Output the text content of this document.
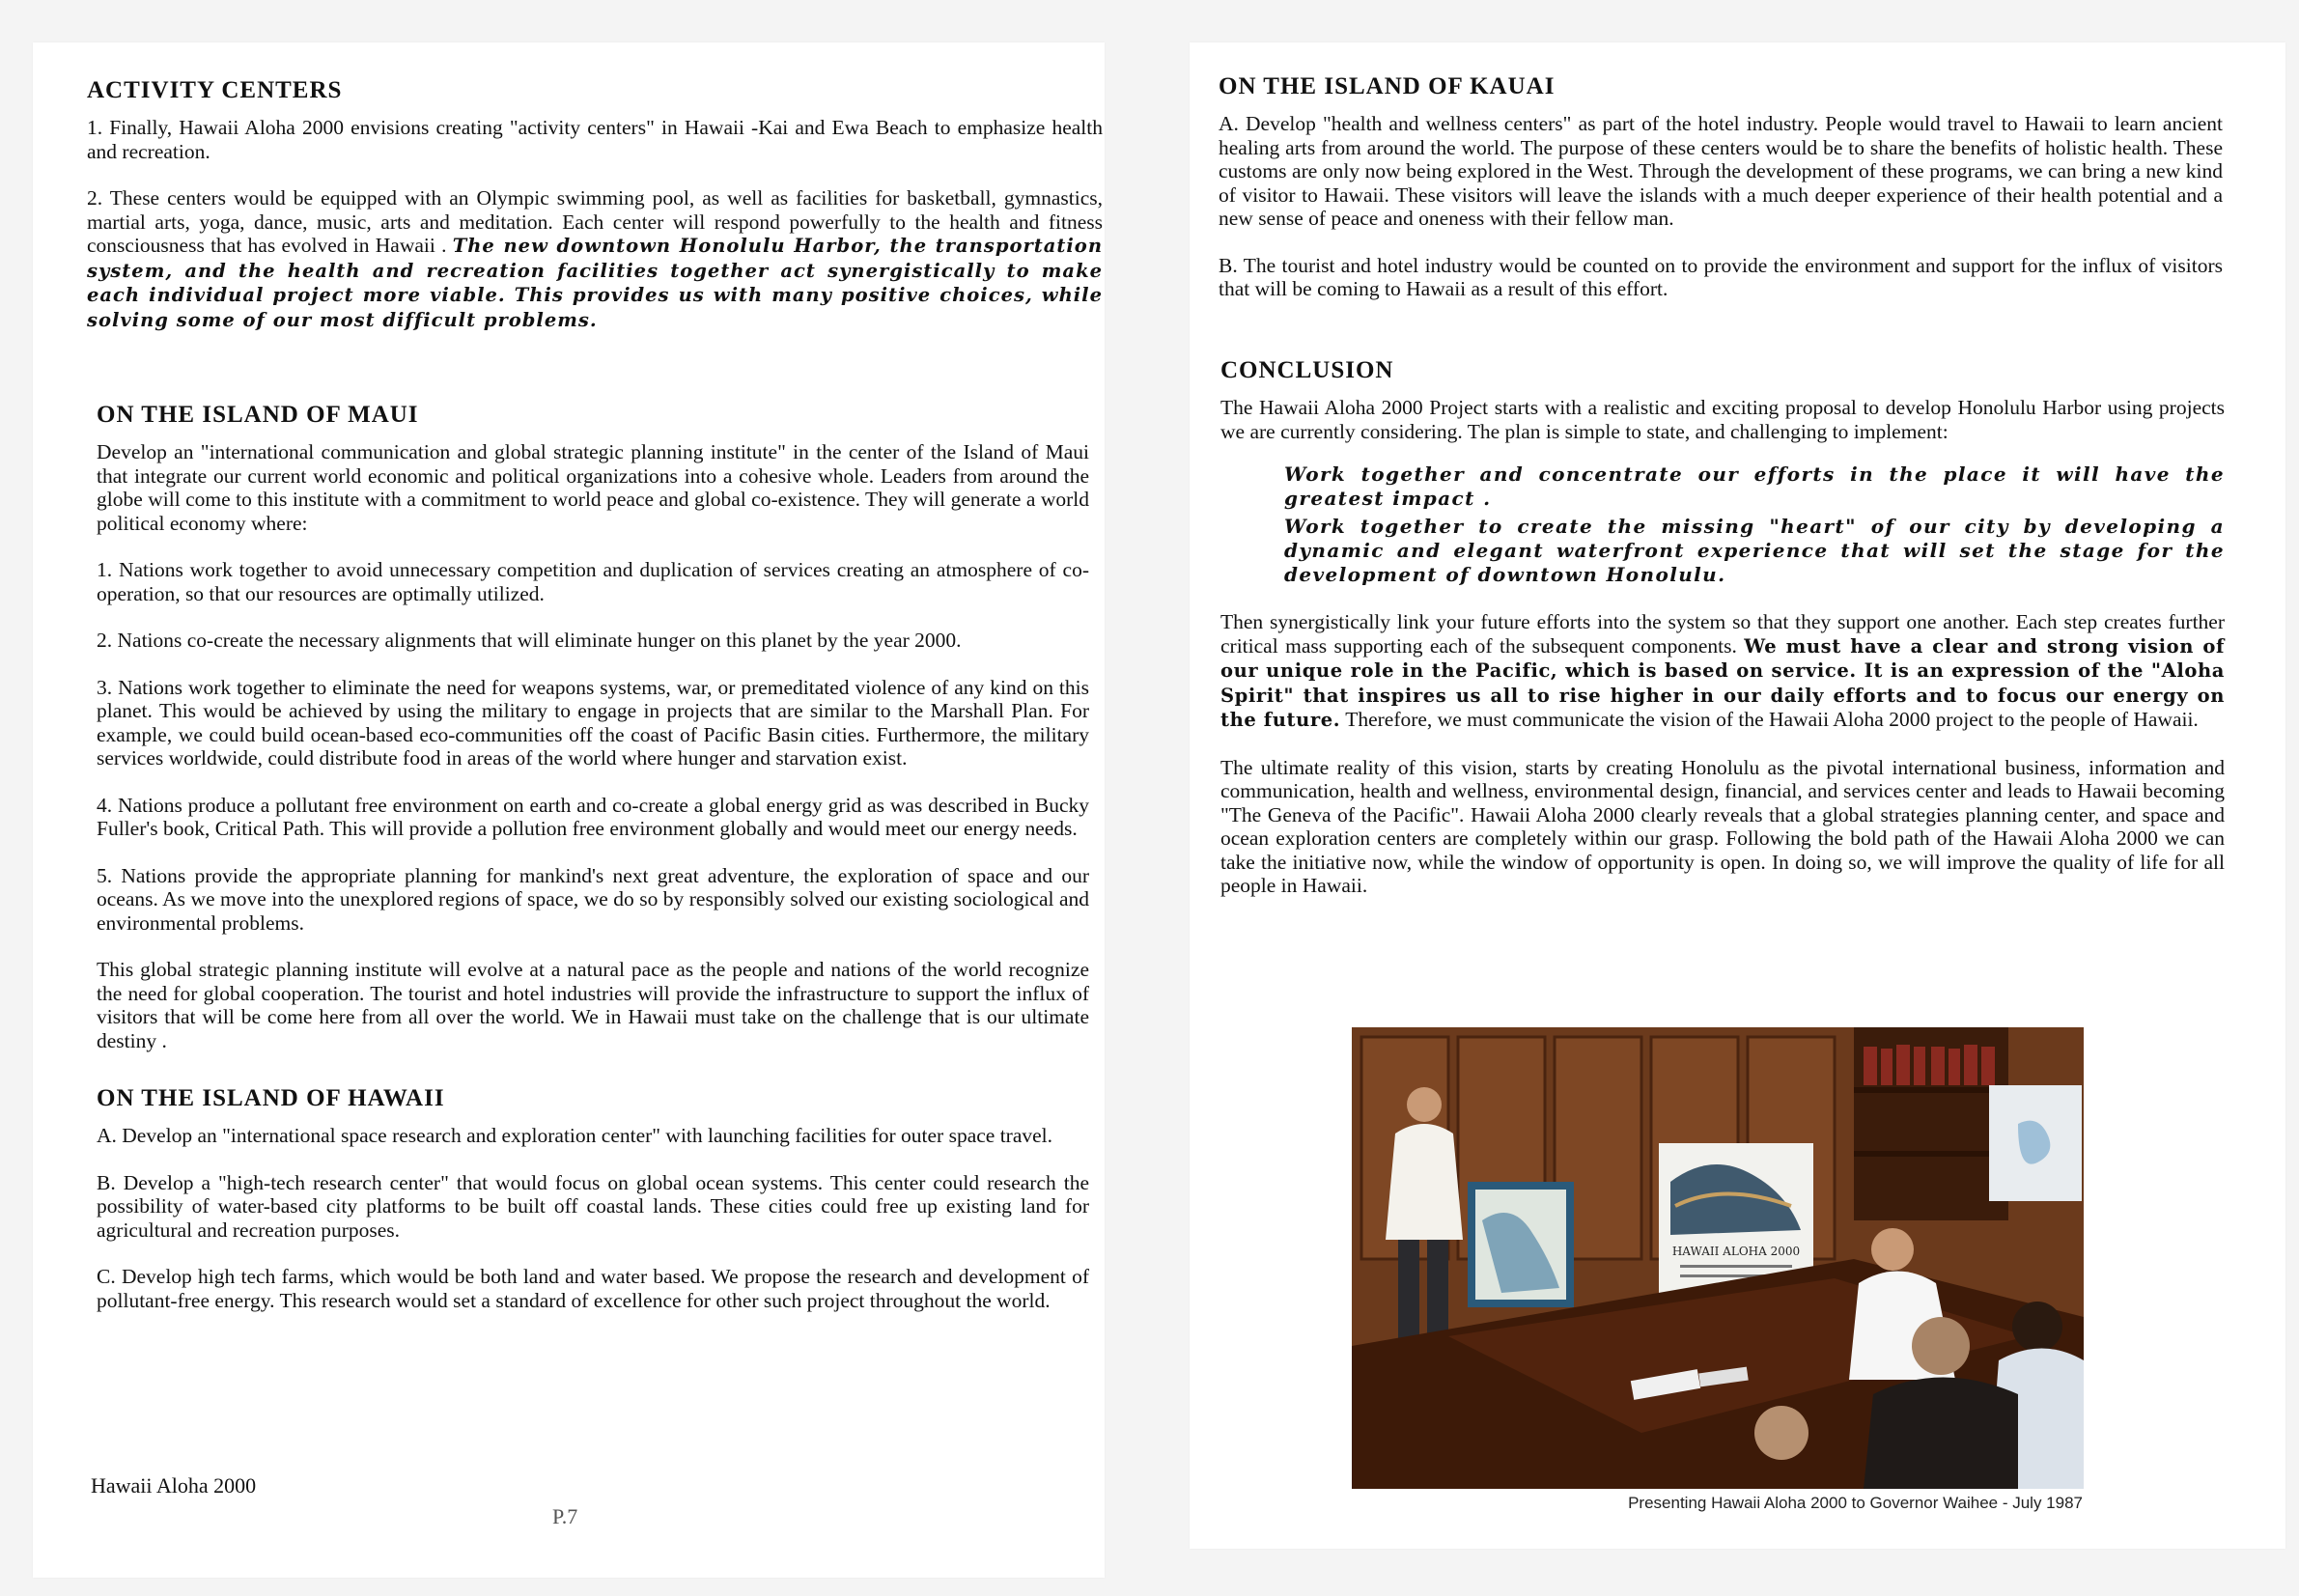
ACTIVITY CENTERS

1. Finally, Hawaii Aloha 2000 envisions creating "activity centers" in Hawaii -Kai and Ewa Beach to emphasize health and recreation.

2. These centers would be equipped with an Olympic swimming pool, as well as facilities for basketball, gymnastics, martial arts, yoga, dance, music, arts and meditation. Each center will respond powerfully to the health and fitness consciousness that has evolved in Hawaii . The new downtown Honolulu Harbor, the transportation system, and the health and recreation facilities together act synergistically to make each individual project more viable. This provides us with many positive choices, while solving some of our most difficult problems.

ON THE ISLAND OF MAUI

Develop an "international communication and global strategic planning institute" in the center of the Island of Maui that integrate our current world economic and political organizations into a cohesive whole. Leaders from around the globe will come to this institute with a commitment to world peace and global co-existence. They will generate a world political economy where:

1. Nations work together to avoid unnecessary competition and duplication of services creating an atmosphere of co-operation, so that our resources are optimally utilized.

2. Nations co-create the necessary alignments that will eliminate hunger on this planet by the year 2000.

3. Nations work together to eliminate the need for weapons systems, war, or premeditated violence of any kind on this planet. This would be achieved by using the military to engage in projects that are similar to the Marshall Plan. For example, we could build ocean-based eco-communities off the coast of Pacific Basin cities. Furthermore, the military services worldwide, could distribute food in areas of the world where hunger and starvation exist.

4. Nations produce a pollutant free environment on earth and co-create a global energy grid as was described in Bucky Fuller's book, Critical Path. This will provide a pollution free environment globally and would meet our energy needs.

5. Nations provide the appropriate planning for mankind's next great adventure, the exploration of space and our oceans. As we move into the unexplored regions of space, we do so by responsibly solved our existing sociological and environmental problems.

This global strategic planning institute will evolve at a natural pace as the people and nations of the world recognize the need for global cooperation. The tourist and hotel industries will provide the infrastructure to support the influx of visitors that will be come here from all over the world. We in Hawaii must take on the challenge that is our ultimate destiny .

ON THE ISLAND OF HAWAII

A. Develop an "international space research and exploration center" with launching facilities for outer space travel.

B. Develop a "high-tech research center" that would focus on global ocean systems. This center could research the possibility of water-based city platforms to be built off coastal lands. These cities could free up existing land for agricultural and recreation purposes.

C. Develop high tech farms, which would be both land and water based. We propose the research and development of pollutant-free energy. This research would set a standard of excellence for other such project throughout the world.

Hawaii Aloha 2000
P.7
ON THE ISLAND OF KAUAI

A. Develop "health and wellness centers" as part of the hotel industry. People would travel to Hawaii to learn ancient healing arts from around the world. The purpose of these centers would be to share the benefits of holistic health. These customs are only now being explored in the West. Through the development of these programs, we can bring a new kind of visitor to Hawaii. These visitors will leave the islands with a much deeper experience of their health potential and a new sense of peace and oneness with their fellow man.

B. The tourist and hotel industry would be counted on to provide the environment and support for the influx of visitors that will be coming to Hawaii as a result of this effort.

CONCLUSION

The Hawaii Aloha 2000 Project starts with a realistic and exciting proposal to develop Honolulu Harbor using projects we are currently considering. The plan is simple to state, and challenging to implement:

Work together and concentrate our efforts in the place it will have the greatest impact .
Work together to create the missing "heart" of our city by developing a dynamic and elegant waterfront experience that will set the stage for the development of downtown Honolulu.

Then synergistically link your future efforts into the system so that they support one another. Each step creates further critical mass supporting each of the subsequent components. We must have a clear and strong vision of our unique role in the Pacific, which is based on service. It is an expression of the "Aloha Spirit" that inspires us all to rise higher in our daily efforts and to focus our energy on the future. Therefore, we must communicate the vision of the Hawaii Aloha 2000 project to the people of Hawaii.

The ultimate reality of this vision, starts by creating Honolulu as the pivotal international business, information and communication, health and wellness, environmental design, financial, and services center and leads to Hawaii becoming "The Geneva of the Pacific". Hawaii Aloha 2000 clearly reveals that a global strategies planning center, and space and ocean exploration centers are completely within our grasp. Following the bold path of the Hawaii Aloha 2000 we can take the initiative now, while the window of opportunity is open. In doing so, we will improve the quality of life for all people in Hawaii.

HAWAII ALOHA 2000
Presenting Hawaii Aloha 2000 to Governor Waihee - July 1987
